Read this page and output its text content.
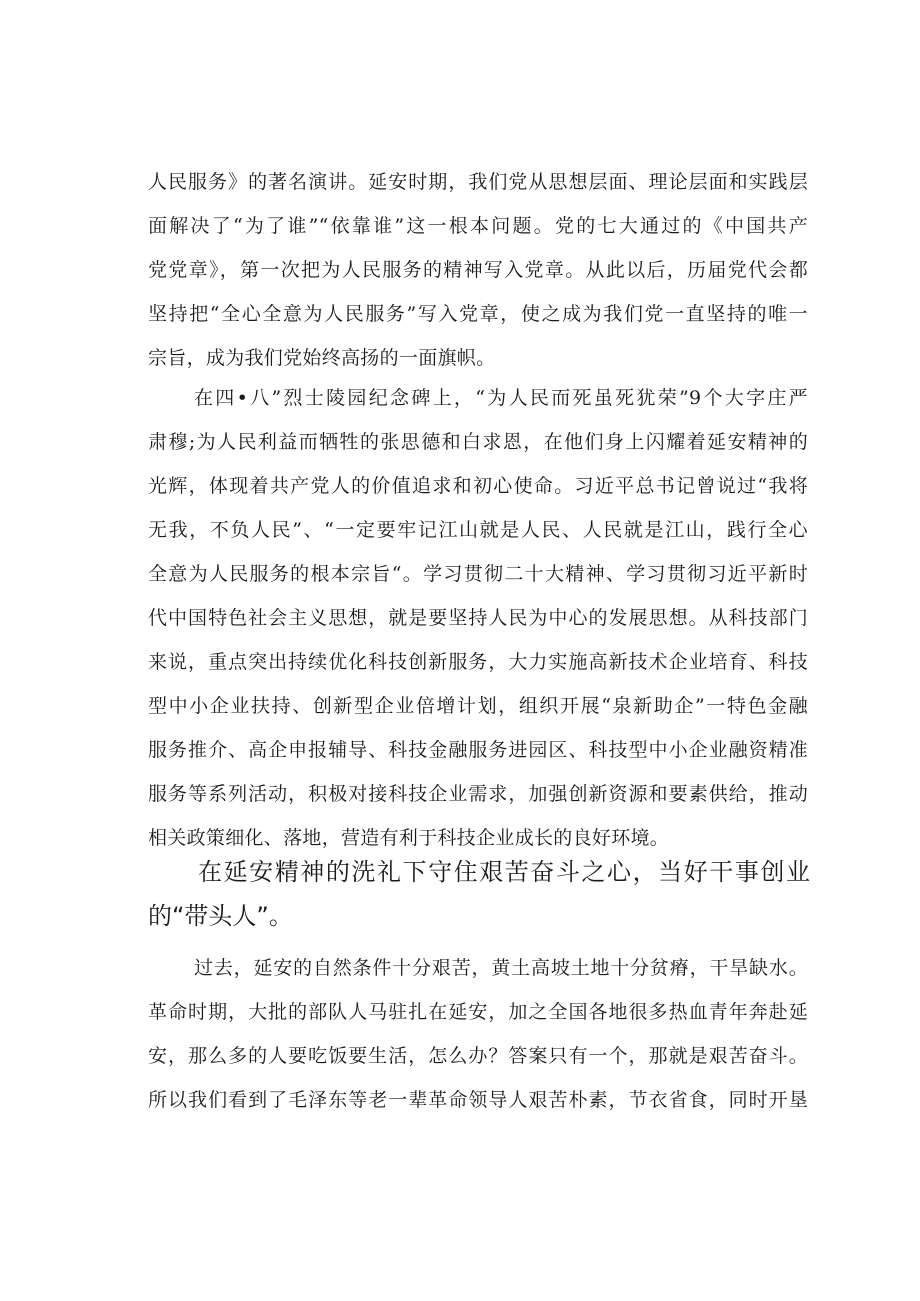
人民服务》的著名演讲。延安时期，我们党从思想层面、理论层面和实践层
面解决了“为了谁”“依靠谁”这一根本问题。党的七大通过的《中国共产
党党章》，第一次把为人民服务的精神写入党章。从此以后，历届党代会都
坚持把“全心全意为人民服务”写入党章，使之成为我们党一直坚持的唯一
宗旨，成为我们党始终高扬的一面旗帜。
在四•八”烈士陵园纪念碑上，“为人民而死虽死犹荣”9个大字庄严
肃穆;为人民利益而牺牲的张思德和白求恩，在他们身上闪耀着延安精神的
光辉，体现着共产党人的价值追求和初心使命。习近平总书记曾说过“我将
无我，不负人民”、“一定要牢记江山就是人民、人民就是江山，践行全心
全意为人民服务的根本宗旨“。学习贯彻二十大精神、学习贯彻习近平新时
代中国特色社会主义思想，就是要坚持人民为中心的发展思想。从科技部门
来说，重点突出持续优化科技创新服务，大力实施高新技术企业培育、科技
型中小企业扶持、创新型企业倍增计划，组织开展“泉新助企”一特色金融
服务推介、高企申报辅导、科技金融服务进园区、科技型中小企业融资精准
服务等系列活动，积极对接科技企业需求，加强创新资源和要素供给，推动
相关政策细化、落地，营造有利于科技企业成长的良好环境。
在延安精神的洗礼下守住艰苦奋斗之心，当好干事创业
的“带头人”。
过去，延安的自然条件十分艰苦，黄土高坡土地十分贫瘠，干旱缺水。
革命时期，大批的部队人马驻扎在延安，加之全国各地很多热血青年奔赴延
安，那么多的人要吃饭要生活，怎么办？答案只有一个，那就是艰苦奋斗。
所以我们看到了毛泽东等老一辈革命领导人艰苦朴素，节衣省食，同时开垦
